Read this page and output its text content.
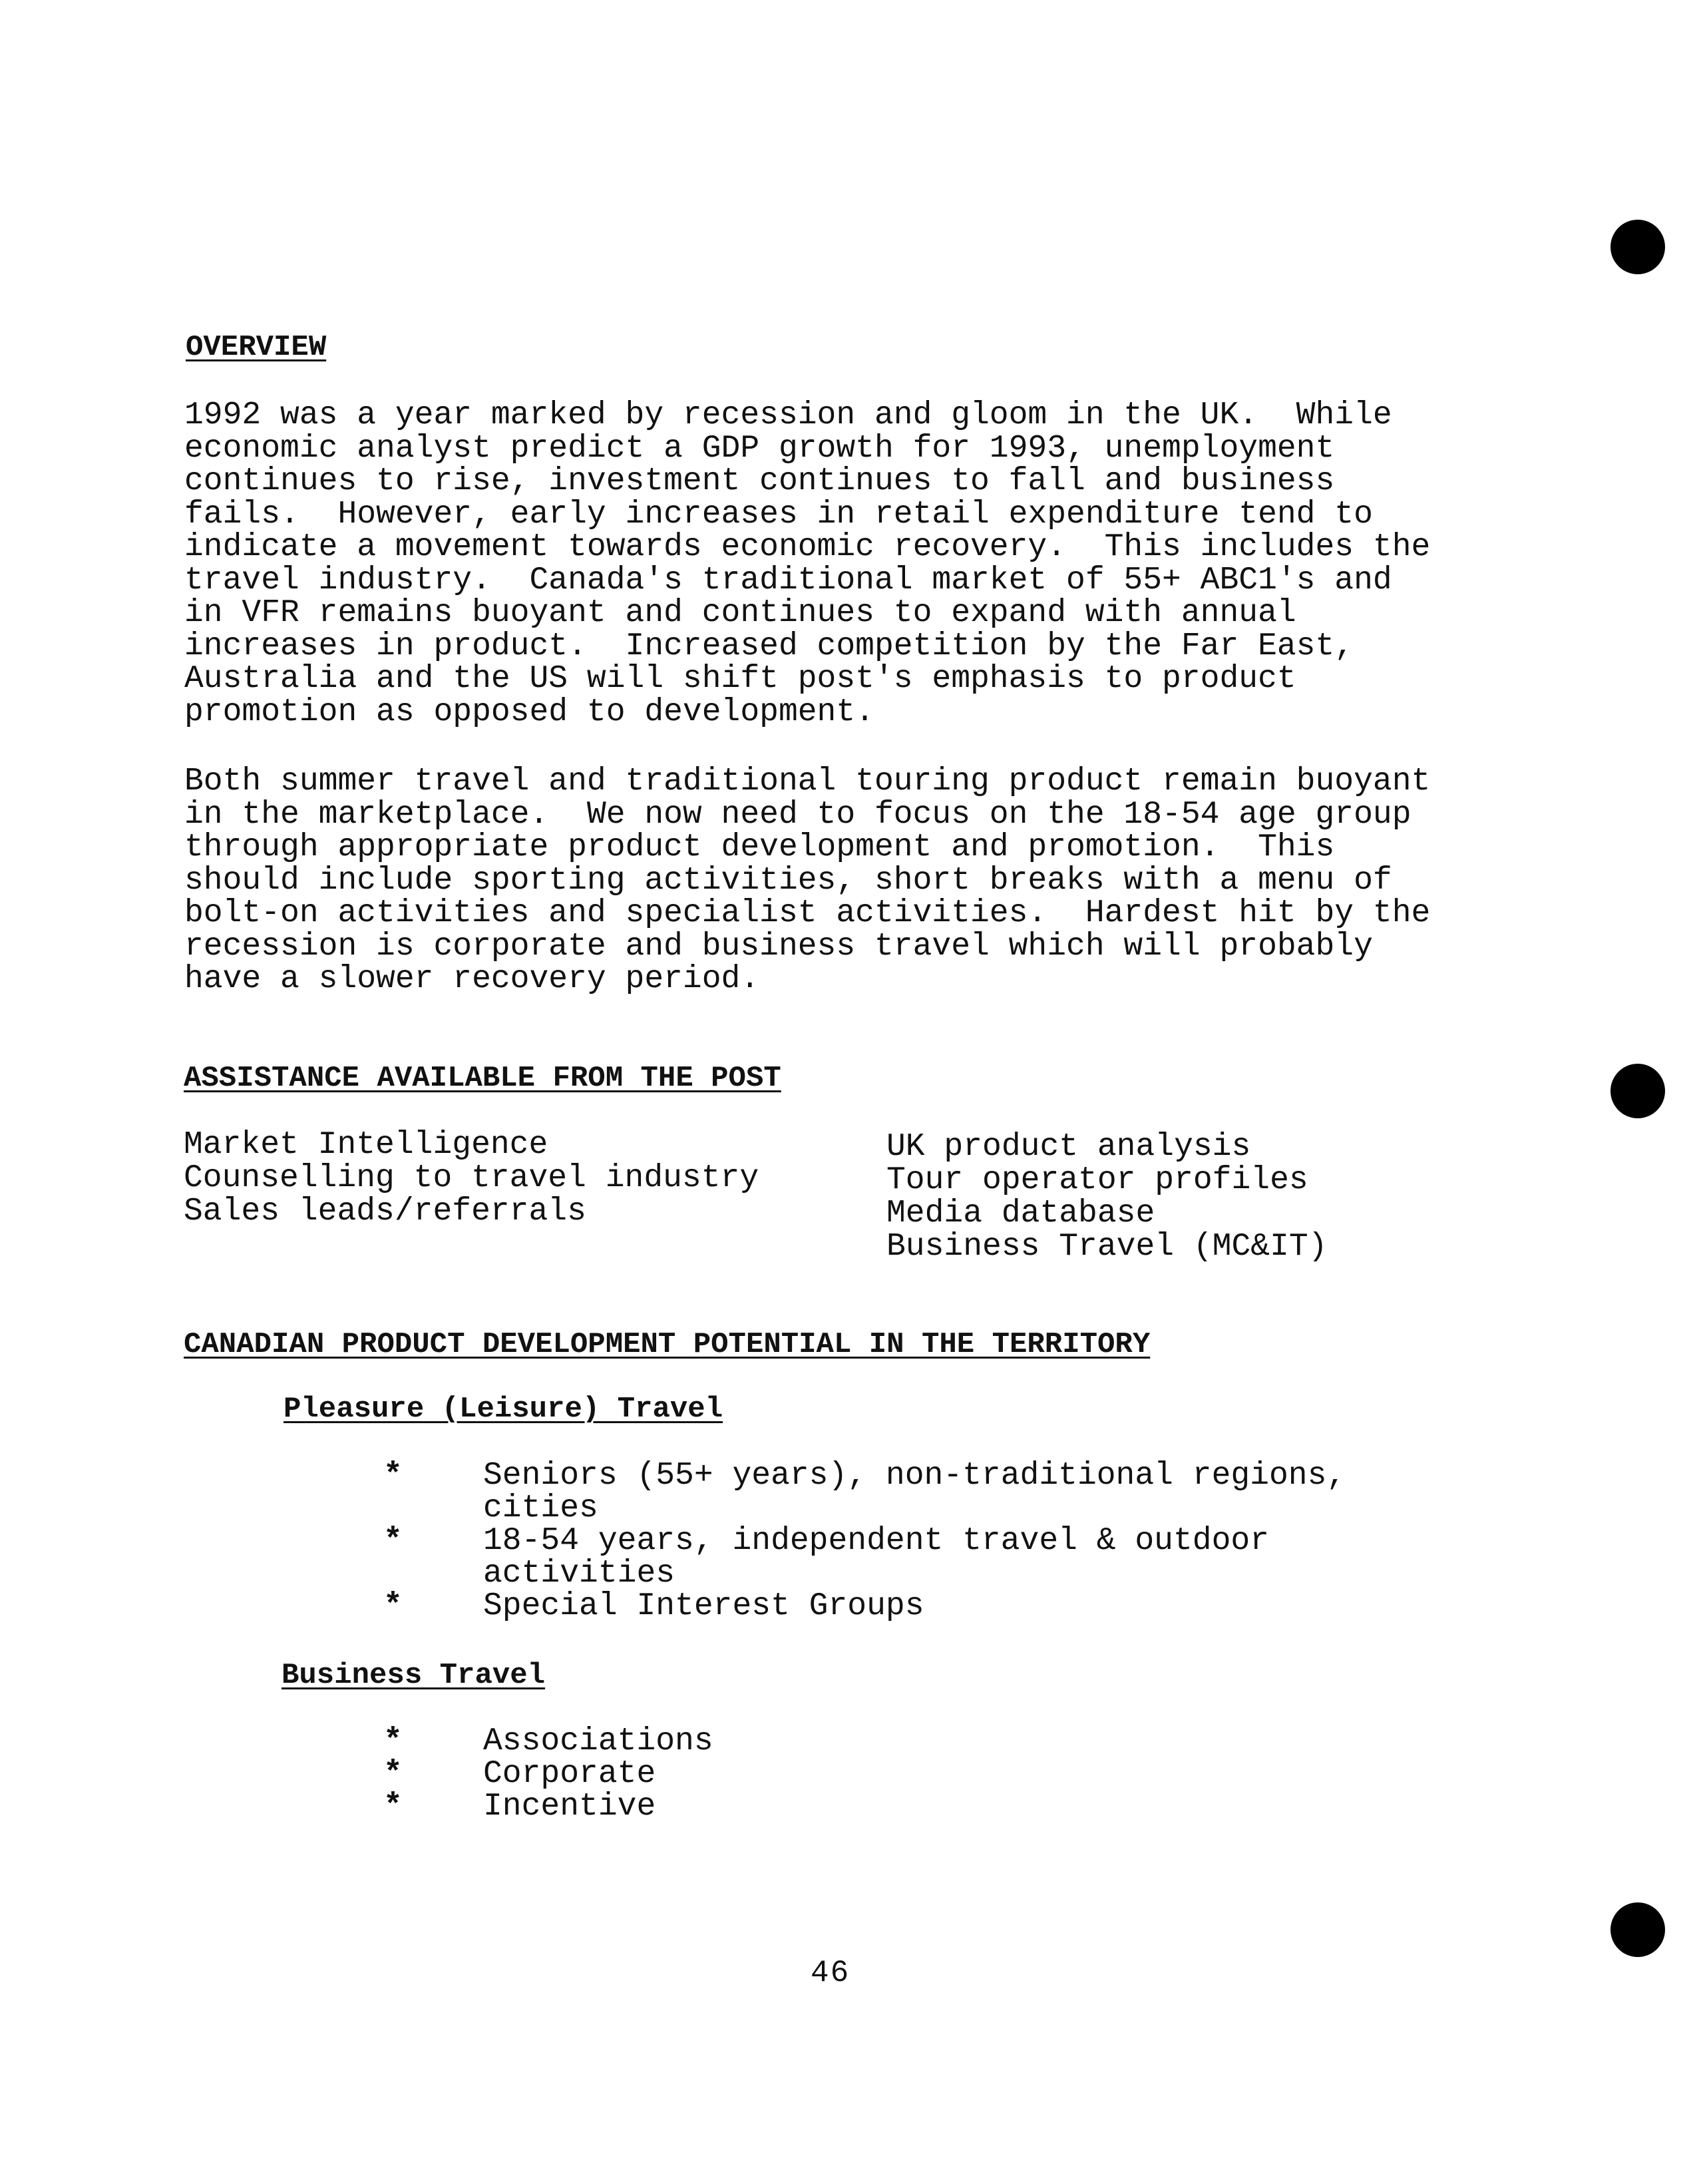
OVERVIEW

1992 was a year marked by recession and gloom in the UK.  While
economic analyst predict a GDP growth for 1993, unemployment
continues to rise, investment continues to fall and business
fails.  However, early increases in retail expenditure tend to
indicate a movement towards economic recovery.  This includes the
travel industry.  Canada's traditional market of 55+ ABC1's and
in VFR remains buoyant and continues to expand with annual
increases in product.  Increased competition by the Far East,
Australia and the US will shift post's emphasis to product
promotion as opposed to development.

Both summer travel and traditional touring product remain buoyant
in the marketplace.  We now need to focus on the 18-54 age group
through appropriate product development and promotion.  This
should include sporting activities, short breaks with a menu of
bolt-on activities and specialist activities.  Hardest hit by the
recession is corporate and business travel which will probably
have a slower recovery period.

ASSISTANCE AVAILABLE FROM THE POST
Market Intelligence
Counselling to travel industry
Sales leads/referrals
UK product analysis
Tour operator profiles
Media database
Business Travel (MC&IT)
CANADIAN PRODUCT DEVELOPMENT POTENTIAL IN THE TERRITORY
Pleasure (Leisure) Travel
*	Seniors (55+ years), non-traditional regions,
cities
*	18-54 years, independent travel & outdoor
activities
*	Special Interest Groups
Business Travel
*	Associations
*	Corporate
*	Incentive
46
